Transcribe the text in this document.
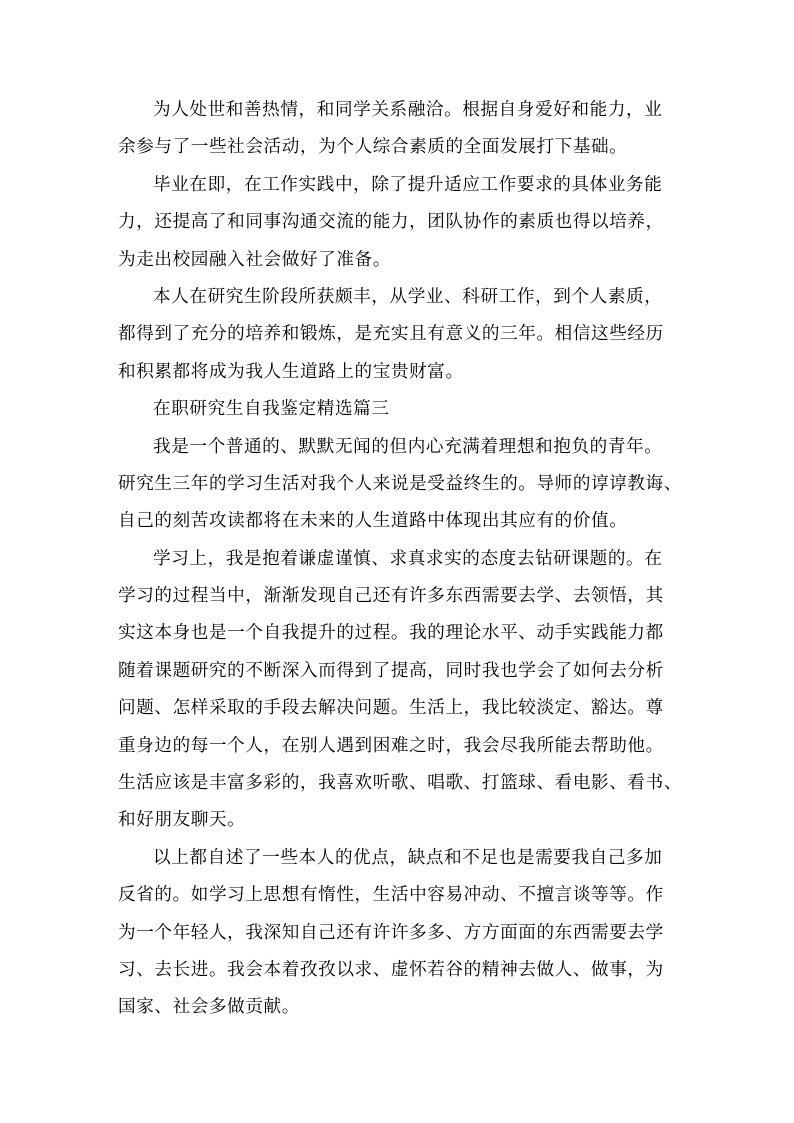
为人处世和善热情，和同学关系融洽。根据自身爱好和能力，业
余参与了一些社会活动，为个人综合素质的全面发展打下基础。
毕业在即，在工作实践中，除了提升适应工作要求的具体业务能
力，还提高了和同事沟通交流的能力，团队协作的素质也得以培养，
为走出校园融入社会做好了准备。
本人在研究生阶段所获颇丰，从学业、科研工作，到个人素质，
都得到了充分的培养和锻炼，是充实且有意义的三年。相信这些经历
和积累都将成为我人生道路上的宝贵财富。
在职研究生自我鉴定精选篇三
我是一个普通的、默默无闻的但内心充满着理想和抱负的青年。
研究生三年的学习生活对我个人来说是受益终生的。导师的谆谆教诲、
自己的刻苦攻读都将在未来的人生道路中体现出其应有的价值。
学习上，我是抱着谦虚谨慎、求真求实的态度去钻研课题的。在
学习的过程当中，渐渐发现自己还有许多东西需要去学、去领悟，其
实这本身也是一个自我提升的过程。我的理论水平、动手实践能力都
随着课题研究的不断深入而得到了提高，同时我也学会了如何去分析
问题、怎样采取的手段去解决问题。生活上，我比较淡定、豁达。尊
重身边的每一个人，在别人遇到困难之时，我会尽我所能去帮助他。
生活应该是丰富多彩的，我喜欢听歌、唱歌、打篮球、看电影、看书、
和好朋友聊天。
以上都自述了一些本人的优点，缺点和不足也是需要我自己多加
反省的。如学习上思想有惰性，生活中容易冲动、不擅言谈等等。作
为一个年轻人，我深知自己还有许许多多、方方面面的东西需要去学
习、去长进。我会本着孜孜以求、虚怀若谷的精神去做人、做事，为
国家、社会多做贡献。
